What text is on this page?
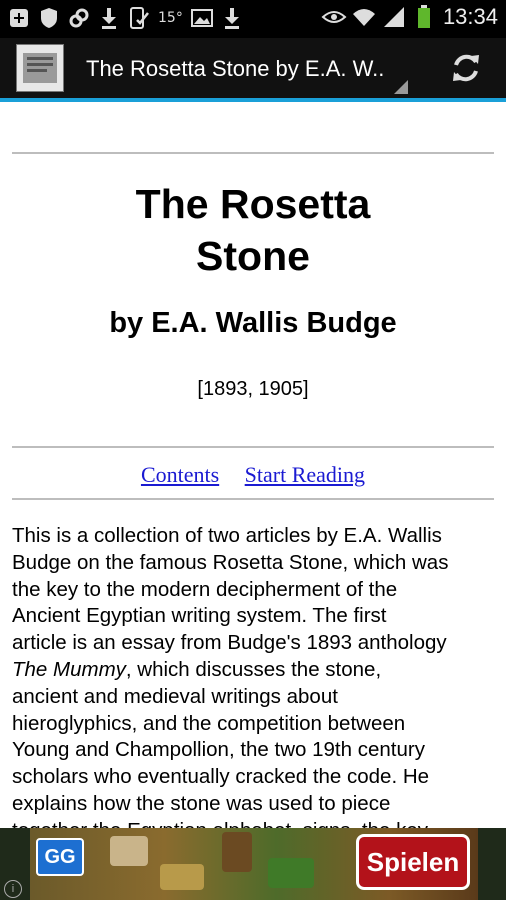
15°	13:34
The Rosetta Stone by E.A. W..
The Rosetta
Stone
by E.A. Wallis Budge
[1893, 1905]
Contents Start Reading
This is a collection of two articles by E.A. Wallis
Budge on the famous Rosetta Stone, which was
the key to the modern decipherment of the
Ancient Egyptian writing system. The first
article is an essay from Budge's 1893 anthology
The Mummy, which discusses the stone,
ancient and medieval writings about
hieroglyphics, and the competition between
Young and Champollion, the two 19th century
scholars who eventually cracked the code. He
explains how the stone was used to piece
GG
i
Spielen
